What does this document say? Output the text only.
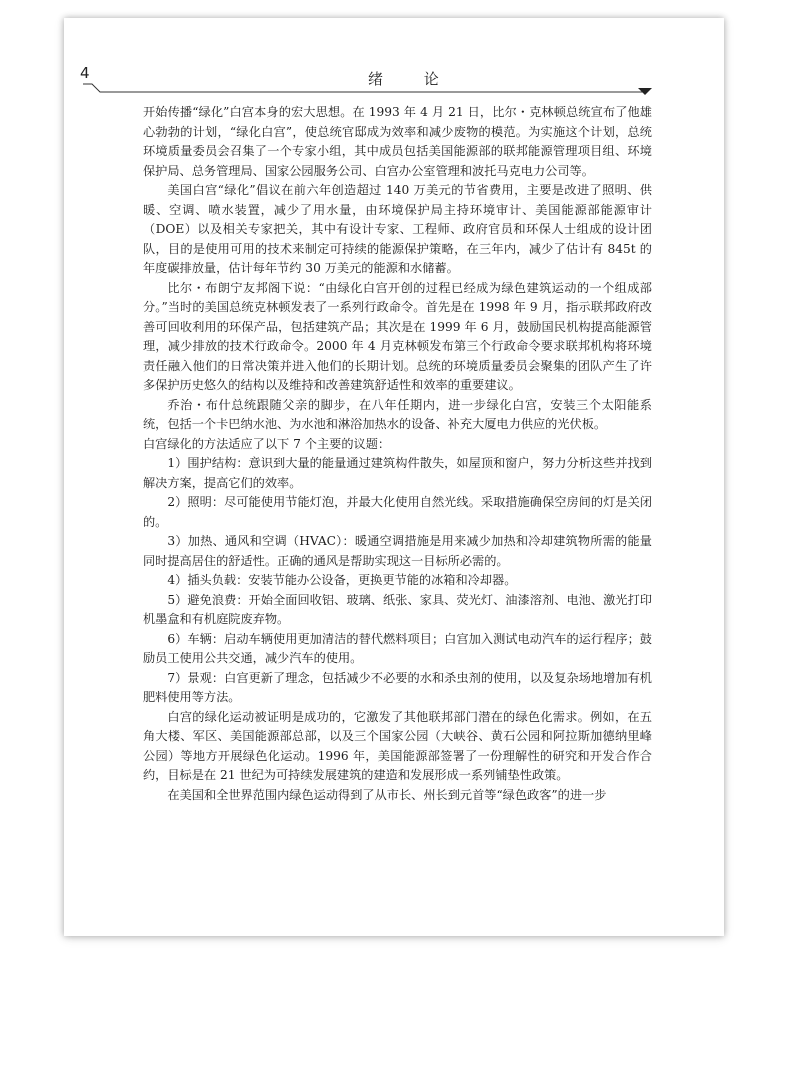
4	绪 论

开始传播“绿化”白宫本身的宏大思想。在 1993 年 4 月 21 日，比尔・克林顿总统宣布了他雄心勃勃的计划，“绿化白宫”，使总统官邸成为效率和减少废物的模范。为实施这个计划，总统环境质量委员会召集了一个专家小组，其中成员包括美国能源部的联邦能源管理项目组、环境保护局、总务管理局、国家公园服务公司、白宫办公室管理和波托马克电力公司等。

美国白宫“绿化”倡议在前六年创造超过 140 万美元的节省费用，主要是改进了照明、供暖、空调、喷水装置，减少了用水量，由环境保护局主持环境审计、美国能源部能源审计（DOE）以及相关专家把关，其中有设计专家、工程师、政府官员和环保人士组成的设计团队，目的是使用可用的技术来制定可持续的能源保护策略，在三年内，减少了估计有 845t 的年度碳排放量，估计每年节约 30 万美元的能源和水储蓄。

比尔・布朗宁友邦阁下说：“由绿化白宫开创的过程已经成为绿色建筑运动的一个组成部分。”当时的美国总统克林顿发表了一系列行政命令。首先是在 1998 年 9 月，指示联邦政府改善可回收利用的环保产品，包括建筑产品；其次是在 1999 年 6 月，鼓励国民机构提高能源管理，减少排放的技术行政命令。2000 年 4 月克林顿发布第三个行政命令要求联邦机构将环境责任融入他们的日常决策并进入他们的长期计划。总统的环境质量委员会聚集的团队产生了许多保护历史悠久的结构以及维持和改善建筑舒适性和效率的重要建议。

乔治・布什总统跟随父亲的脚步，在八年任期内，进一步绿化白宫，安装三个太阳能系统，包括一个卡巴纳水池、为水池和淋浴加热水的设备、补充大厦电力供应的光伏板。

白宫绿化的方法适应了以下 7 个主要的议题：

1）围护结构：意识到大量的能量通过建筑构件散失，如屋顶和窗户，努力分析这些并找到解决方案，提高它们的效率。

2）照明：尽可能使用节能灯泡，并最大化使用自然光线。采取措施确保空房间的灯是关闭的。

3）加热、通风和空调（HVAC）：暖通空调措施是用来减少加热和冷却建筑物所需的能量同时提高居住的舒适性。正确的通风是帮助实现这一目标所必需的。

4）插头负载：安装节能办公设备，更换更节能的冰箱和冷却器。

5）避免浪费：开始全面回收铝、玻璃、纸张、家具、荧光灯、油漆溶剂、电池、激光打印机墨盒和有机庭院废弃物。

6）车辆：启动车辆使用更加清洁的替代燃料项目；白宫加入测试电动汽车的运行程序；鼓励员工使用公共交通，减少汽车的使用。

7）景观：白宫更新了理念，包括减少不必要的水和杀虫剂的使用，以及复杂场地增加有机肥料使用等方法。

白宫的绿化运动被证明是成功的，它激发了其他联邦部门潜在的绿色化需求。例如，在五角大楼、军区、美国能源部总部，以及三个国家公园（大峡谷、黄石公园和阿拉斯加德纳里峰公园）等地方开展绿色化运动。1996 年，美国能源部签署了一份理解性的研究和开发合作合约，目标是在 21 世纪为可持续发展建筑的建造和发展形成一系列铺垫性政策。

在美国和全世界范围内绿色运动得到了从市长、州长到元首等“绿色政客”的进一步
